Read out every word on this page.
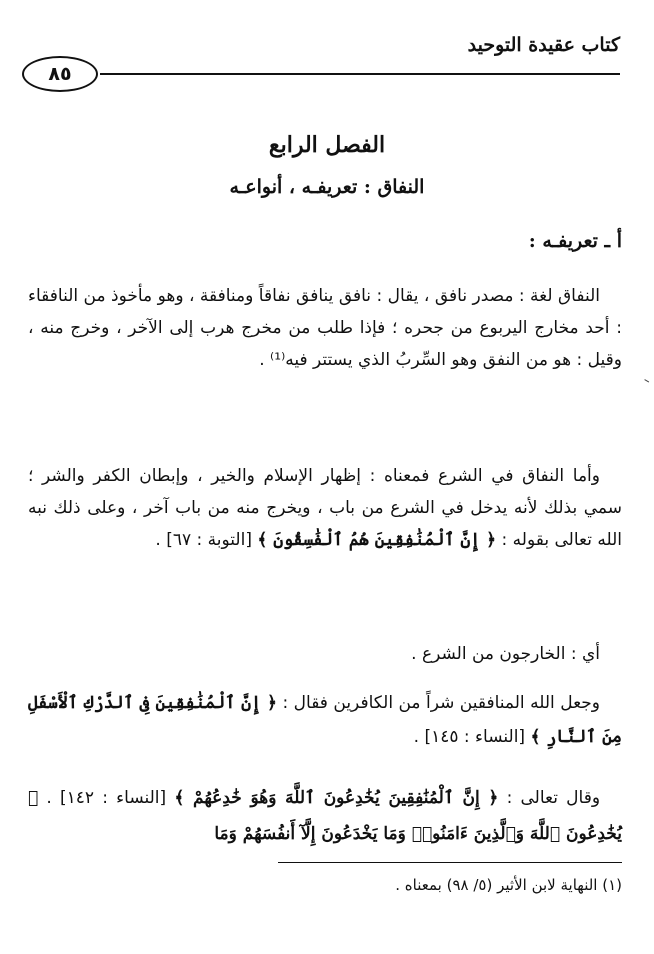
كتاب عقيدة التوحيد
٨٥
الفصل الرابع
النفاق : تعريفـه ، أنواعـه
أ ـ تعريفـه :
النفاق لغة : مصدر نافق ، يقال : نافق ينافق نفاقاً ومنافقة ، وهو مأخوذ من النافقاء : أحد مخارج اليربوع من جحره ؛ فإذا طلب من مخرج هرب إلى الآخر ، وخرج منه ، وقيل : هو من النفق وهو السِّربُ الذي يستتر فيه⁽¹⁾ .
وأما النفاق في الشرع فمعناه : إظهار الإسلام والخير ، وإبطان الكفر والشر ؛ سمي بذلك لأنه يدخل في الشرع من باب ، ويخرج منه من باب آخر ، وعلى ذلك نبه الله تعالى بقوله : ﴿ إِنَّ ٱلْمُنَٰفِقِينَ هُمُ ٱلْفَٰسِقُونَ ﴾ [التوبة : ٦٧] .
أي : الخارجون من الشرع .
وجعل الله المنافقين شراً من الكافرين فقال : ﴿ إِنَّ ٱلْمُنَٰفِقِينَ فِى ٱلدَّرْكِ ٱلْأَسْفَلِ مِنَ ٱلنَّارِ ﴾ [النساء : ١٤٥] .
وقال تعالى : ﴿ إِنَّ ٱلْمُنَٰفِقِينَ يُخَٰدِعُونَ ٱللَّهَ وَهُوَ خَٰدِعُهُمْ ﴾ [النساء : ١٤٢] . ﴿ يُخَٰدِعُونَ ٱللَّهَ وَٱلَّذِينَ ءَامَنُوا۟ وَمَا يَخْدَعُونَ إِلَّآ أَنفُسَهُمْ وَمَا
(١) النهاية لابن الأثير (٥/ ٩٨) بمعناه .
